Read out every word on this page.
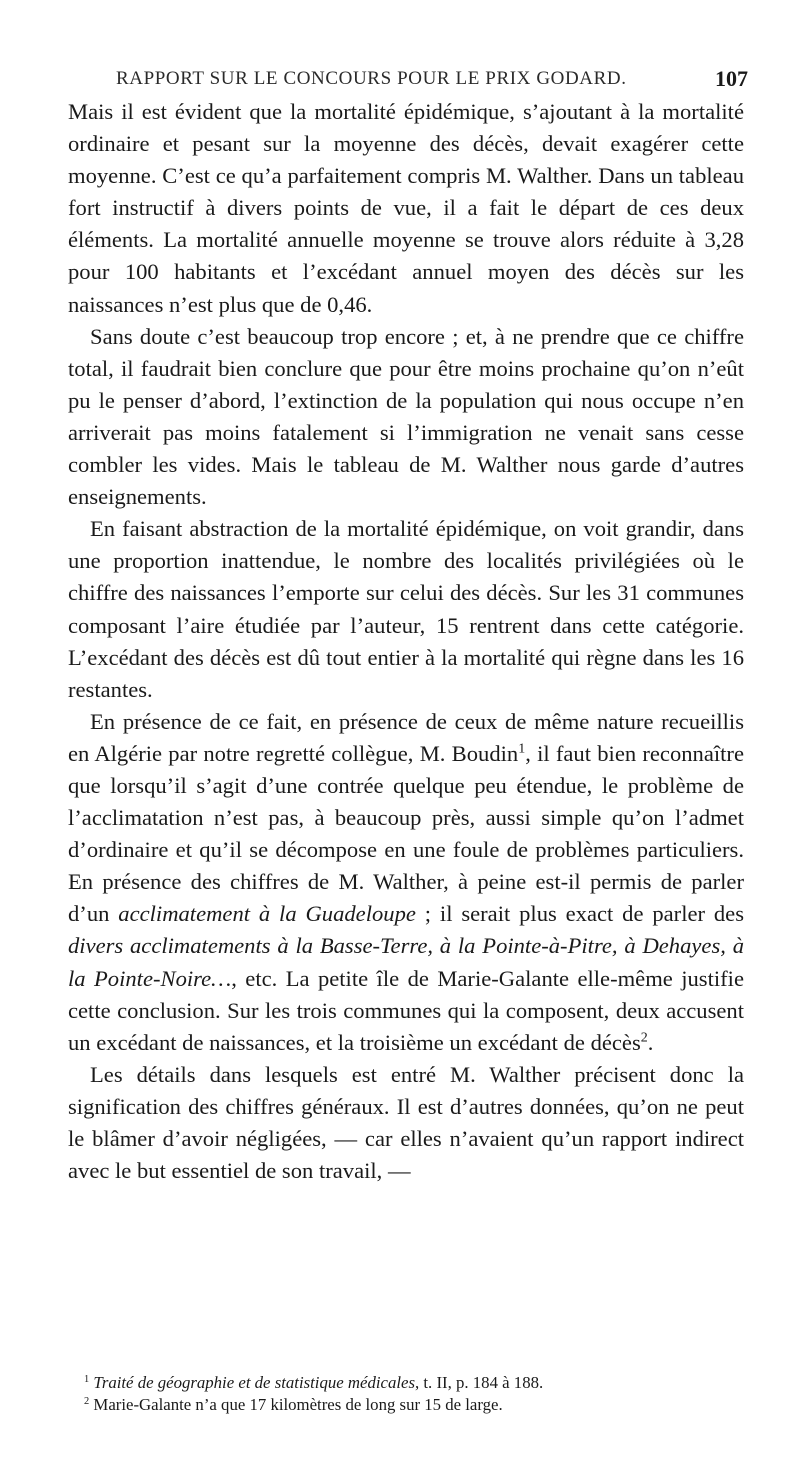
RAPPORT SUR LE CONCOURS POUR LE PRIX GODARD.	107

Mais il est évident que la mortalité épidémique, s’ajoutant à la mortalité ordinaire et pesant sur la moyenne des décès, devait exagérer cette moyenne. C’est ce qu’a parfaitement compris M. Walther. Dans un tableau fort instructif à divers points de vue, il a fait le départ de ces deux éléments. La mortalité annuelle moyenne se trouve alors réduite à 3,28 pour 100 habitants et l’excédant annuel moyen des décès sur les naissances n’est plus que de 0,46.

Sans doute c’est beaucoup trop encore ; et, à ne prendre que ce chiffre total, il faudrait bien conclure que pour être moins prochaine qu’on n’eût pu le penser d’abord, l’extinction de la population qui nous occupe n’en arriverait pas moins fatalement si l’immigration ne venait sans cesse combler les vides. Mais le tableau de M. Walther nous garde d’autres enseignements.

En faisant abstraction de la mortalité épidémique, on voit grandir, dans une proportion inattendue, le nombre des localités privilégiées où le chiffre des naissances l’emporte sur celui des décès. Sur les 31 communes composant l’aire étudiée par l’auteur, 15 rentrent dans cette catégorie. L’excédant des décès est dû tout entier à la mortalité qui règne dans les 16 restantes.

En présence de ce fait, en présence de ceux de même nature recueillis en Algérie par notre regretté collègue, M. Boudin$^1$, il faut bien reconnaître que lorsqu’il s’agit d’une contrée quelque peu étendue, le problème de l’acclimatation n’est pas, à beaucoup près, aussi simple qu’on l’admet d’ordinaire et qu’il se décompose en une foule de problèmes particuliers. En présence des chiffres de M. Walther, à peine est-il permis de parler d’un acclimatement à la Guadeloupe ; il serait plus exact de parler des divers acclimatements à la Basse-Terre, à la Pointe-à-Pitre, à Dehayes, à la Pointe-Noire…, etc. La petite île de Marie-Galante elle-même justifie cette conclusion. Sur les trois communes qui la composent, deux accusent un excédant de naissances, et la troisième un excédant de décès$^2$.

Les détails dans lesquels est entré M. Walther précisent donc la signification des chiffres généraux. Il est d’autres données, qu’on ne peut le blâmer d’avoir négligées, — car elles n’avaient qu’un rapport indirect avec le but essentiel de son travail, —

$^1$ Traité de géographie et de statistique médicales, t. II, p. 184 à 188.

$^2$ Marie-Galante n’a que 17 kilomètres de long sur 15 de large.
